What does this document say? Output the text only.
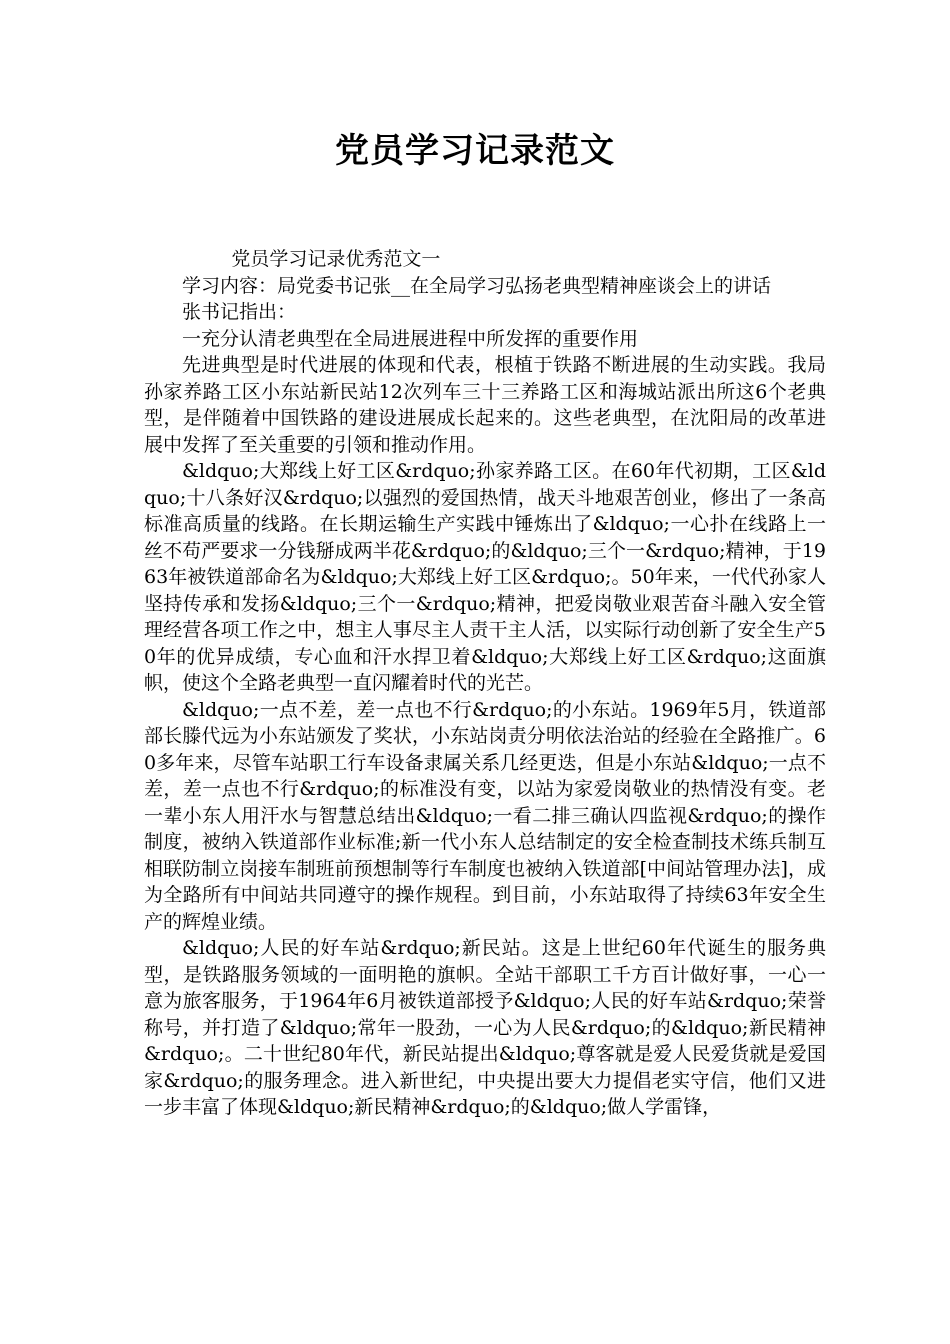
党员学习记录范文

党员学习记录优秀范文一

学习内容：局党委书记张__在全局学习弘扬老典型精神座谈会上的讲话

张书记指出：

一充分认清老典型在全局进展进程中所发挥的重要作用

先进典型是时代进展的体现和代表，根植于铁路不断进展的生动实践。我局孙家养路工区小东站新民站12次列车三十三养路工区和海城站派出所这6个老典型，是伴随着中国铁路的建设进展成长起来的。这些老典型，在沈阳局的改革进展中发挥了至关重要的引领和推动作用。

&ldquo;大郑线上好工区&rdquo;孙家养路工区。在60年代初期，工区&ldquo;十八条好汉&rdquo;以强烈的爱国热情，战天斗地艰苦创业，修出了一条高标准高质量的线路。在长期运输生产实践中锤炼出了&ldquo;一心扑在线路上一丝不苟严要求一分钱掰成两半花&rdquo;的&ldquo;三个一&rdquo;精神，于1963年被铁道部命名为&ldquo;大郑线上好工区&rdquo;。50年来，一代代孙家人坚持传承和发扬&ldquo;三个一&rdquo;精神，把爱岗敬业艰苦奋斗融入安全管理经营各项工作之中，想主人事尽主人责干主人活，以实际行动创新了安全生产50年的优异成绩，专心血和汗水捍卫着&ldquo;大郑线上好工区&rdquo;这面旗帜，使这个全路老典型一直闪耀着时代的光芒。

&ldquo;一点不差，差一点也不行&rdquo;的小东站。1969年5月，铁道部部长滕代远为小东站颁发了奖状，小东站岗责分明依法治站的经验在全路推广。60多年来，尽管车站职工行车设备隶属关系几经更迭，但是小东站&ldquo;一点不差，差一点也不行&rdquo;的标准没有变，以站为家爱岗敬业的热情没有变。老一辈小东人用汗水与智慧总结出&ldquo;一看二排三确认四监视&rdquo;的操作制度，被纳入铁道部作业标准;新一代小东人总结制定的安全检查制技术练兵制互相联防制立岗接车制班前预想制等行车制度也被纳入铁道部[中间站管理办法]，成为全路所有中间站共同遵守的操作规程。到目前，小东站取得了持续63年安全生产的辉煌业绩。

&ldquo;人民的好车站&rdquo;新民站。这是上世纪60年代诞生的服务典型，是铁路服务领域的一面明艳的旗帜。全站干部职工千方百计做好事，一心一意为旅客服务，于1964年6月被铁道部授予&ldquo;人民的好车站&rdquo;荣誉称号，并打造了&ldquo;常年一股劲，一心为人民&rdquo;的&ldquo;新民精神&rdquo;。二十世纪80年代，新民站提出&ldquo;尊客就是爱人民爱货就是爱国家&rdquo;的服务理念。进入新世纪，中央提出要大力提倡老实守信，他们又进一步丰富了体现&ldquo;新民精神&rdquo;的&ldquo;做人学雷锋，
